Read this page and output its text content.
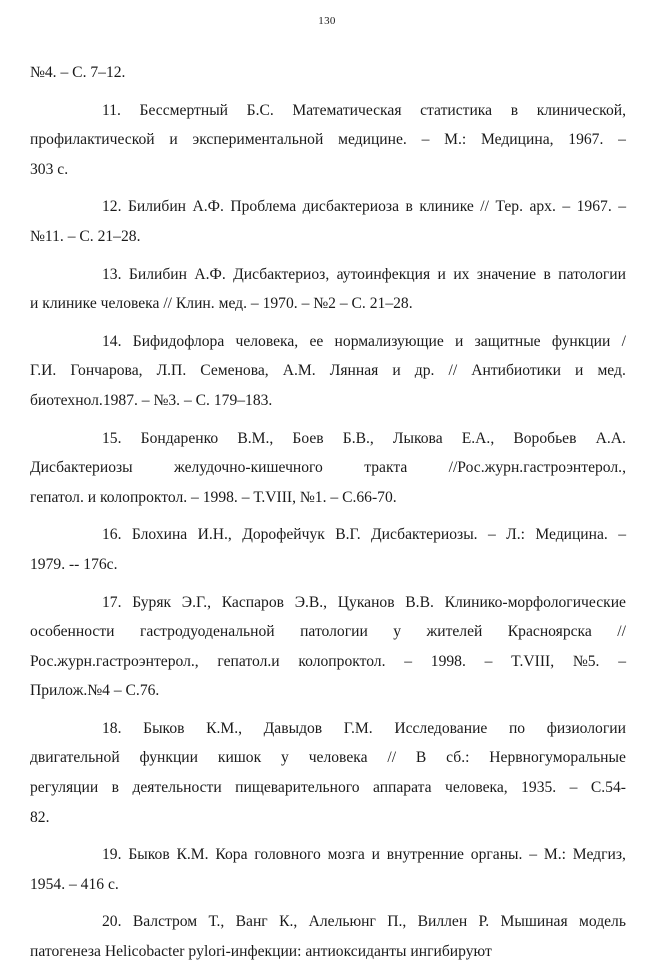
130
№4. – С. 7–12.
11. Бессмертный Б.С. Математическая статистика в клинической,
профилактической и экспериментальной медицине. – М.: Медицина, 1967. –
303 с.
12. Билибин А.Ф. Проблема дисбактериоза в клинике // Тер. арх. – 1967. –
№11. – С. 21–28.
13. Билибин А.Ф. Дисбактериоз, аутоинфекция и их значение в патологии
и клинике человека // Клин. мед. – 1970. – №2 – С. 21–28.
14. Бифидофлора человека, ее нормализующие и защитные функции /
Г.И. Гончарова, Л.П. Семенова, А.М. Лянная и др. // Антибиотики и мед.
биотехнол.1987. – №3. – С. 179–183.
15. Бондаренко В.М., Боев Б.В., Лыкова Е.А., Воробьев А.А.
Дисбактериозы	желудочно-кишечного	тракта	//Рос.журн.гастроэнтерол.,
гепатол. и колопроктол. – 1998. – Т.VIII, №1. – С.66-70.
16. Блохина И.Н., Дорофейчук В.Г. Дисбактериозы. – Л.: Медицина. –
1979. -- 176с.
17. Буряк Э.Г., Каспаров Э.В., Цуканов В.В. Клинико-морфологические
особенности гастродуоденальной патологии у жителей Красноярска //
Рос.журн.гастроэнтерол., гепатол.и колопроктол. – 1998. – T.VIII, №5. –
Прилож.№4 – С.76.
18. Быков К.М., Давыдов Г.М. Исследование по физиологии
двигательной функции кишок у человека // В сб.: Нервногуморальные
регуляции в деятельности пищеварительного аппарата человека, 1935. – С.54-
82.
19. Быков К.М. Кора головного мозга и внутренние органы. – М.: Медгиз,
1954. – 416 с.
20. Валстром Т., Ванг К., Алельюнг П., Виллен Р. Мышиная модель
патогенеза Helicobacter pylori-инфекции: антиоксиданты ингибируют
